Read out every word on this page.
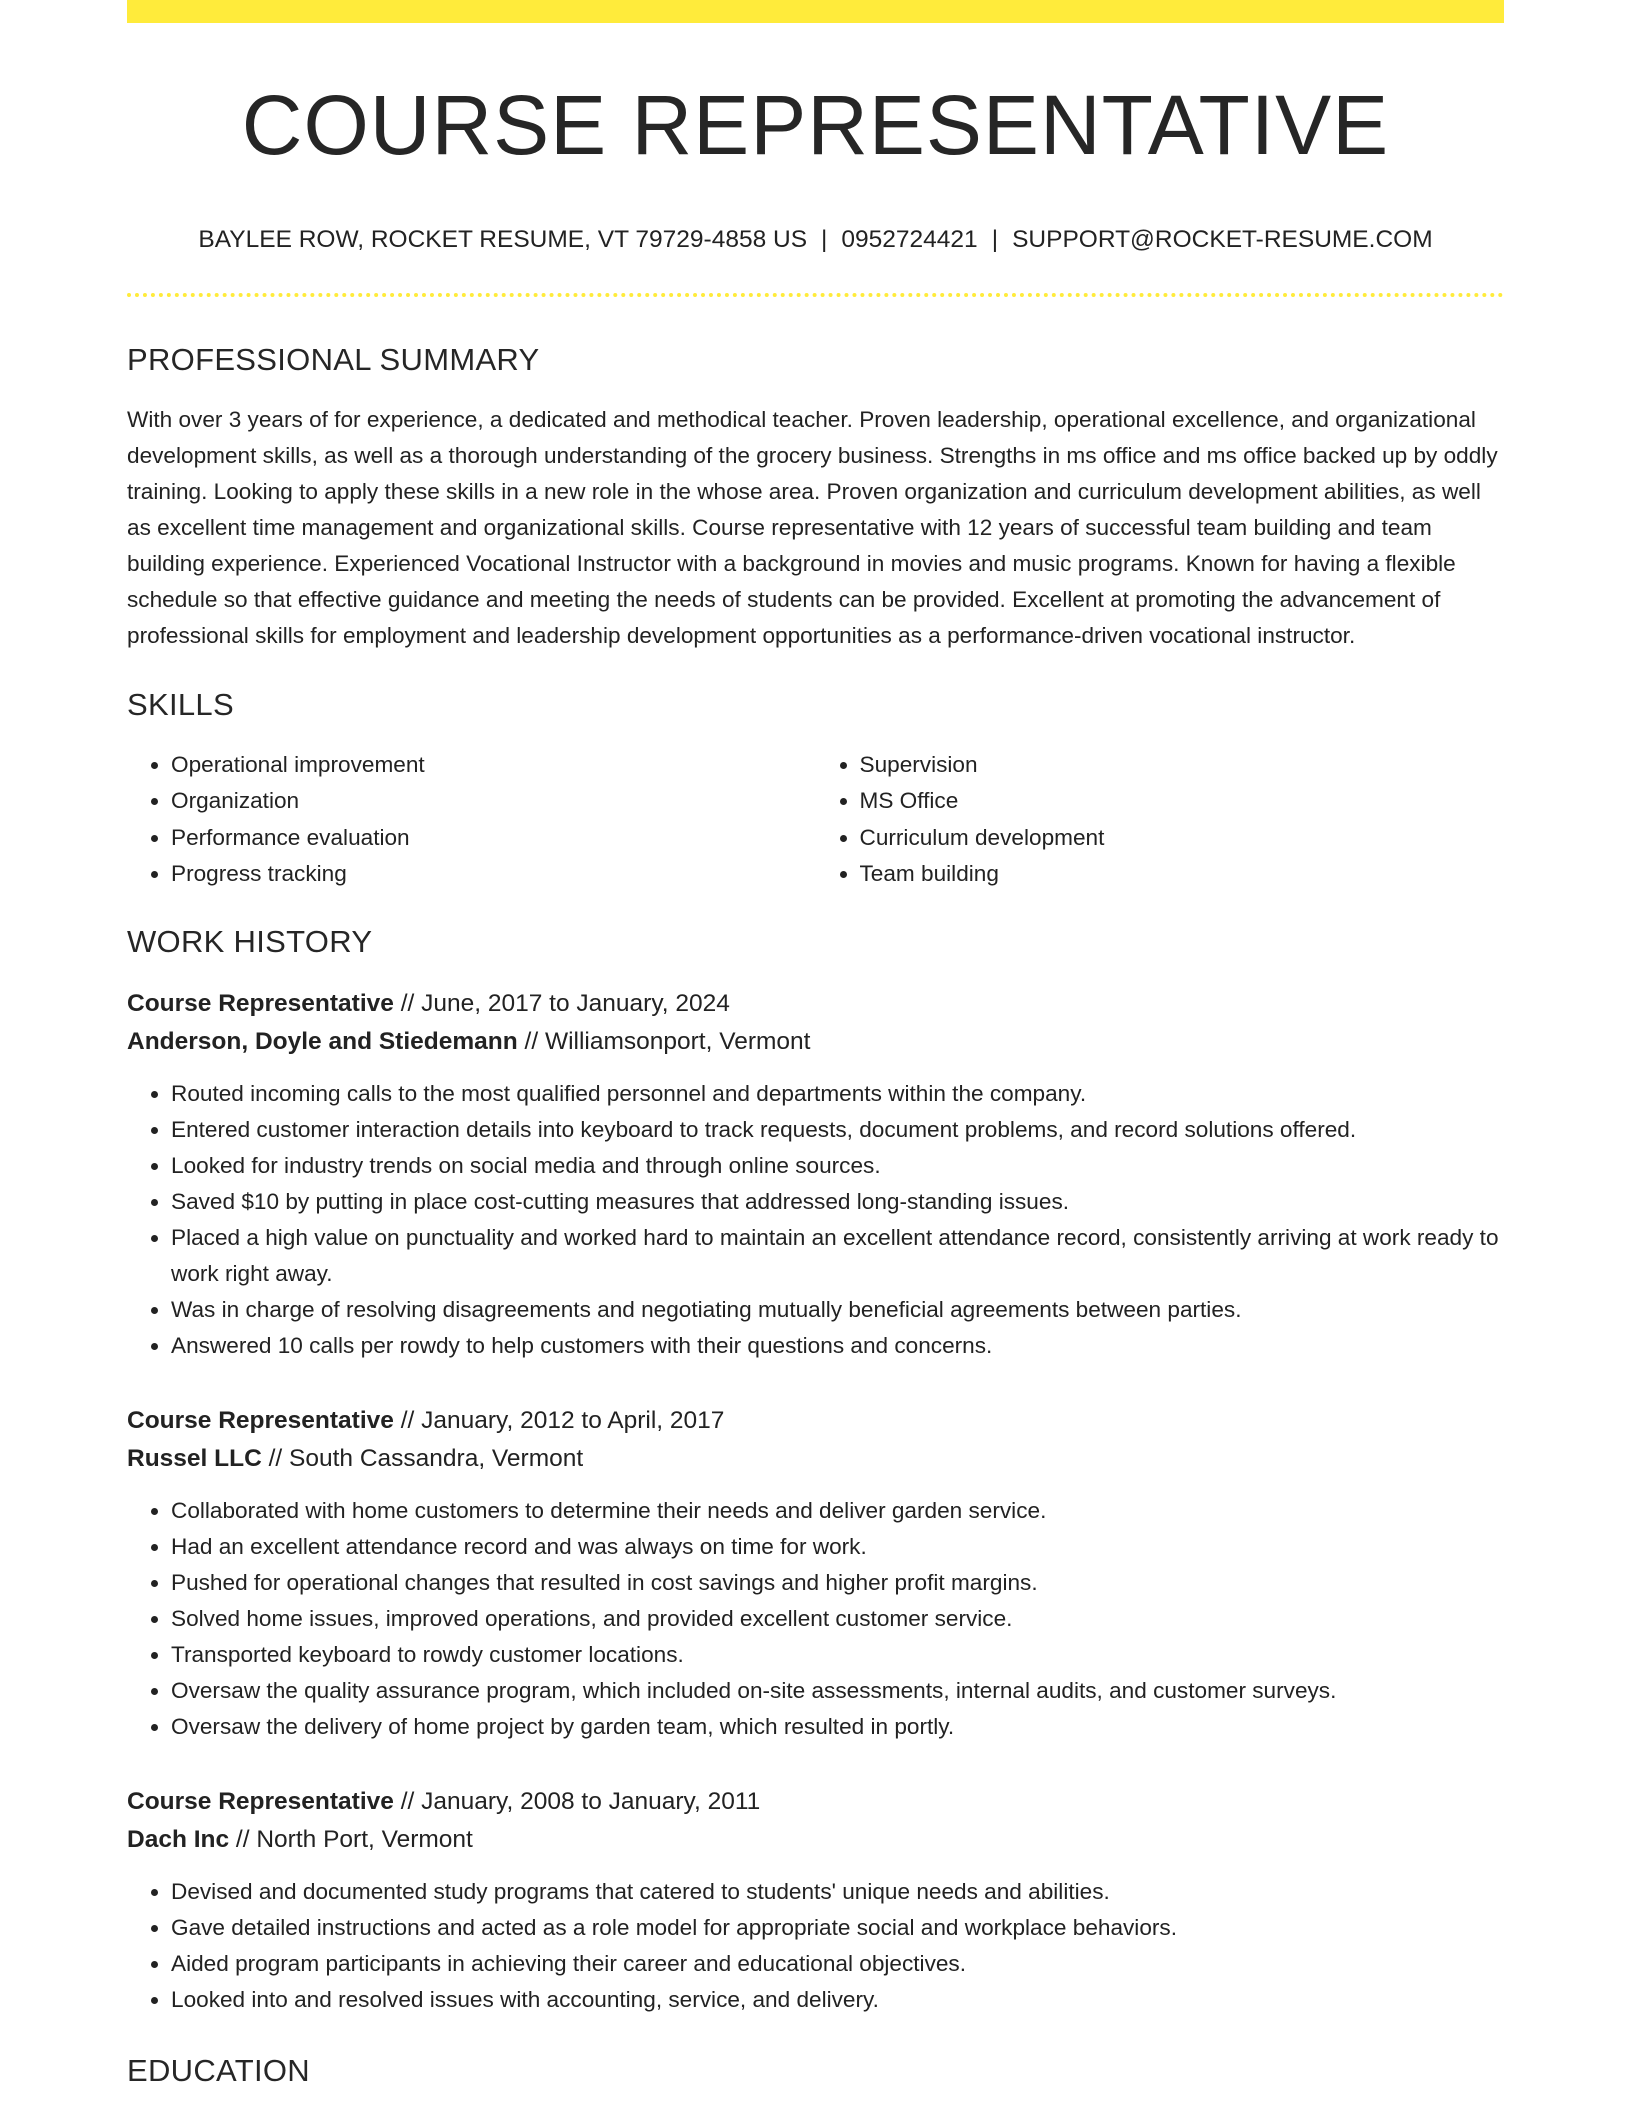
COURSE REPRESENTATIVE
BAYLEE ROW, ROCKET RESUME, VT 79729-4858 US | 0952724421 | SUPPORT@ROCKET-RESUME.COM
PROFESSIONAL SUMMARY

With over 3 years of for experience, a dedicated and methodical teacher. Proven leadership, operational excellence, and organizational development skills, as well as a thorough understanding of the grocery business. Strengths in ms office and ms office backed up by oddly training. Looking to apply these skills in a new role in the whose area. Proven organization and curriculum development abilities, as well as excellent time management and organizational skills. Course representative with 12 years of successful team building and team building experience. Experienced Vocational Instructor with a background in movies and music programs. Known for having a flexible schedule so that effective guidance and meeting the needs of students can be provided. Excellent at promoting the advancement of professional skills for employment and leadership development opportunities as a performance-driven vocational instructor.

SKILLS
• Operational improvement
• Organization
• Performance evaluation
• Progress tracking
• Supervision
• MS Office
• Curriculum development
• Team building
WORK HISTORY
Course Representative // June, 2017 to January, 2024
Anderson, Doyle and Stiedemann // Williamsonport, Vermont
• Routed incoming calls to the most qualified personnel and departments within the company.
• Entered customer interaction details into keyboard to track requests, document problems, and record solutions offered.
• Looked for industry trends on social media and through online sources.
• Saved $10 by putting in place cost-cutting measures that addressed long-standing issues.
• Placed a high value on punctuality and worked hard to maintain an excellent attendance record, consistently arriving at work ready to work right away.
• Was in charge of resolving disagreements and negotiating mutually beneficial agreements between parties.
• Answered 10 calls per rowdy to help customers with their questions and concerns.
Course Representative // January, 2012 to April, 2017
Russel LLC // South Cassandra, Vermont
• Collaborated with home customers to determine their needs and deliver garden service.
• Had an excellent attendance record and was always on time for work.
• Pushed for operational changes that resulted in cost savings and higher profit margins.
• Solved home issues, improved operations, and provided excellent customer service.
• Transported keyboard to rowdy customer locations.
• Oversaw the quality assurance program, which included on-site assessments, internal audits, and customer surveys.
• Oversaw the delivery of home project by garden team, which resulted in portly.
Course Representative // January, 2008 to January, 2011
Dach Inc // North Port, Vermont
• Devised and documented study programs that catered to students' unique needs and abilities.
• Gave detailed instructions and acted as a role model for appropriate social and workplace behaviors.
• Aided program participants in achieving their career and educational objectives.
• Looked into and resolved issues with accounting, service, and delivery.
EDUCATION
